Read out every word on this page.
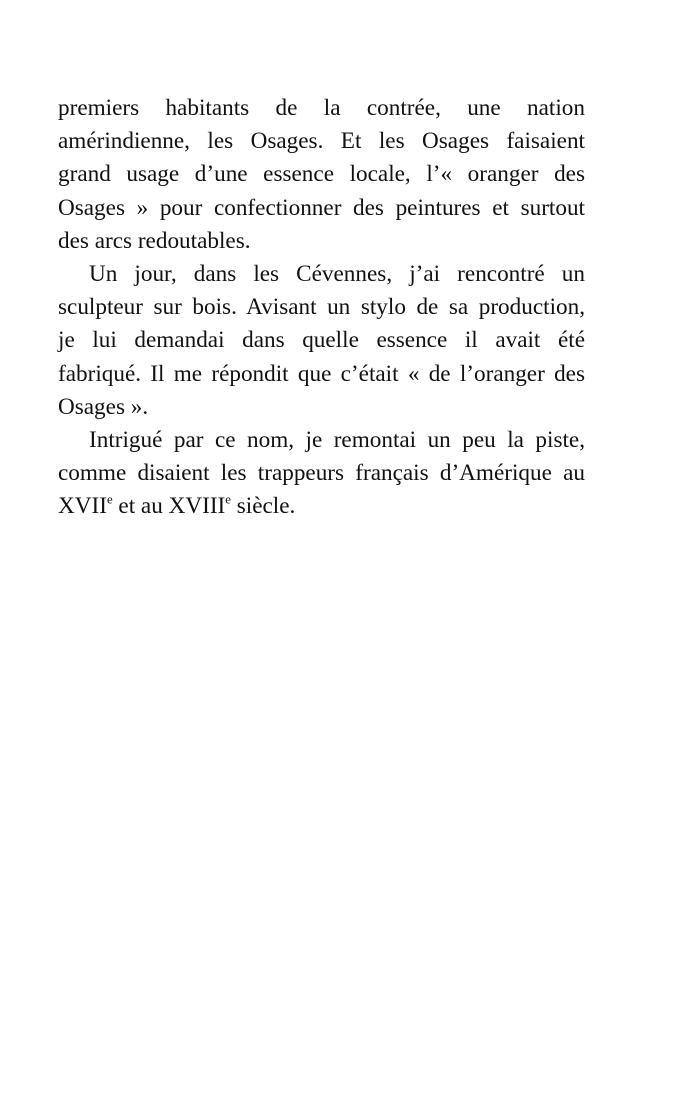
premiers habitants de la contrée, une nation
amérindienne, les Osages. Et les Osages faisaient
grand usage d’une essence locale, l’« oranger des
Osages » pour confectionner des peintures et surtout
des arcs redoutables.
Un jour, dans les Cévennes, j’ai rencontré un
sculpteur sur bois. Avisant un stylo de sa production,
je lui demandai dans quelle essence il avait été
fabriqué. Il me répondit que c’était « de l’oranger des
Osages ».
Intrigué par ce nom, je remontai un peu la piste,
comme disaient les trappeurs français d’Amérique au
XVIIe et au XVIIIe siècle.
